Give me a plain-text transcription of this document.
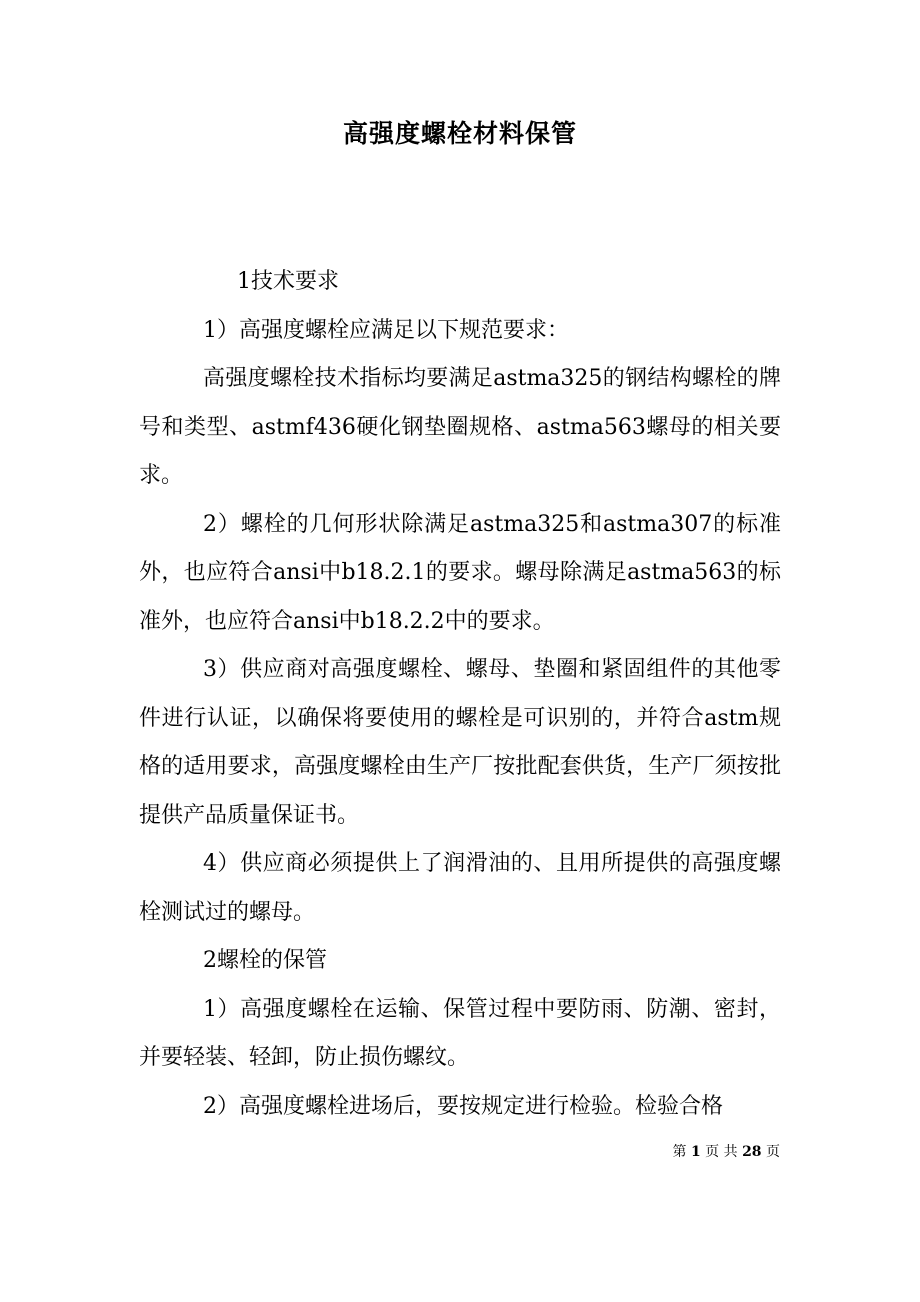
高强度螺栓材料保管

1技术要求

1）高强度螺栓应满足以下规范要求：

高强度螺栓技术指标均要满足astma325的钢结构螺栓的牌号和类型、astmf436硬化钢垫圈规格、astma563螺母的相关要求。

2）螺栓的几何形状除满足astma325和astma307的标准外，也应符合ansi中b18.2.1的要求。螺母除满足astma563的标准外，也应符合ansi中b18.2.2中的要求。

3）供应商对高强度螺栓、螺母、垫圈和紧固组件的其他零件进行认证，以确保将要使用的螺栓是可识别的，并符合astm规格的适用要求，高强度螺栓由生产厂按批配套供货，生产厂须按批提供产品质量保证书。

4）供应商必须提供上了润滑油的、且用所提供的高强度螺栓测试过的螺母。

2螺栓的保管

1）高强度螺栓在运输、保管过程中要防雨、防潮、密封，并要轻装、轻卸，防止损伤螺纹。

2）高强度螺栓进场后，要按规定进行检验。检验合格

第 1 页 共 28 页
